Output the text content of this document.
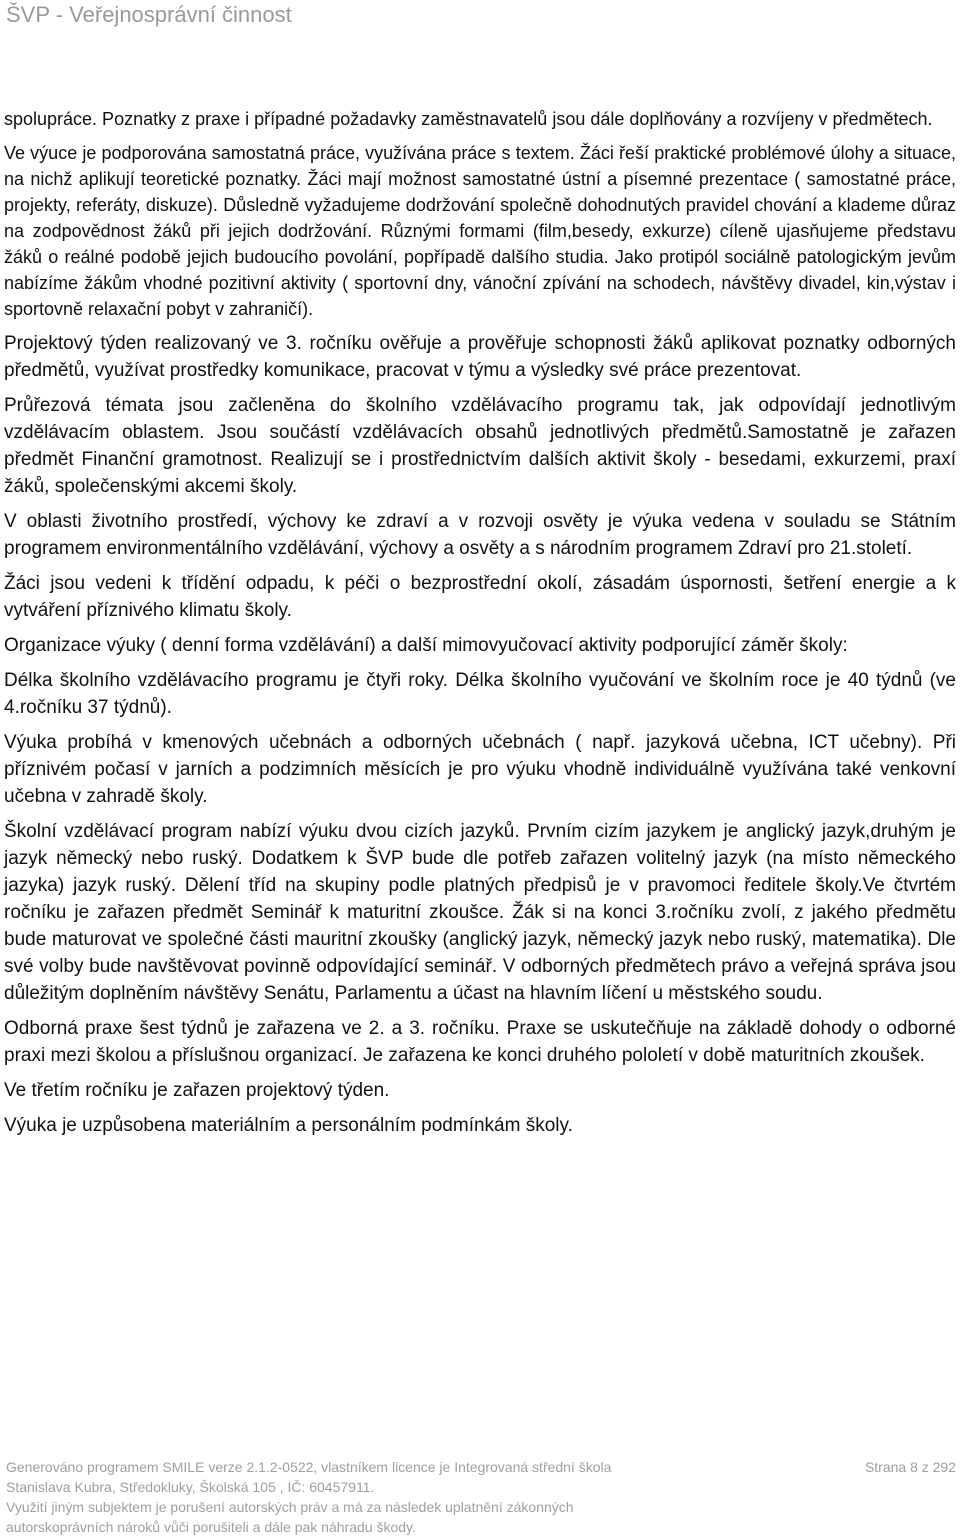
ŠVP - Veřejnosprávní činnost

spolupráce. Poznatky z praxe i případné požadavky zaměstnavatelů jsou dále doplňovány a rozvíjeny v předmětech.

Ve výuce je podporována samostatná práce, využívána práce s textem. Žáci řeší praktické problémové úlohy a situace, na nichž aplikují teoretické poznatky. Žáci mají možnost samostatné ústní a písemné prezentace ( samostatné práce, projekty, referáty, diskuze). Důsledně vyžadujeme dodržování společně dohodnutých pravidel chování a klademe důraz na zodpovědnost žáků při jejich dodržování. Různými formami (film,besedy, exkurze) cíleně ujasňujeme představu žáků o reálné podobě jejich budoucího povolání, popřípadě dalšího studia. Jako protipól sociálně patologickým jevům nabízíme žákům vhodné pozitivní aktivity ( sportovní dny, vánoční zpívání na schodech, návštěvy divadel, kin,výstav i sportovně relaxační pobyt v zahraničí).

Projektový týden realizovaný ve 3. ročníku ověřuje a prověřuje schopnosti žáků aplikovat poznatky odborných předmětů, využívat prostředky komunikace, pracovat v týmu a výsledky své práce prezentovat.

Průřezová témata jsou začleněna do školního vzdělávacího programu tak, jak odpovídají jednotlivým vzdělávacím oblastem. Jsou součástí vzdělávacích obsahů jednotlivých předmětů.Samostatně je zařazen předmět Finanční gramotnost. Realizují se i prostřednictvím dalších aktivit školy - besedami, exkurzemi, praxí žáků, společenskými akcemi školy.

V oblasti životního prostředí, výchovy ke zdraví a v rozvoji osvěty je výuka vedena v souladu se Státním programem environmentálního vzdělávání, výchovy a osvěty a s národním programem Zdraví pro 21.století.

Žáci jsou vedeni k třídění odpadu, k péči o bezprostřední okolí, zásadám úspornosti, šetření energie a k vytváření příznivého klimatu školy.

Organizace výuky ( denní forma vzdělávání) a další mimovyučovací aktivity podporující záměr školy:

Délka školního vzdělávacího programu je čtyři roky. Délka školního vyučování ve školním roce je 40 týdnů (ve 4.ročníku 37 týdnů).

Výuka probíhá v kmenových učebnách a odborných učebnách ( např. jazyková učebna, ICT učebny). Při příznivém počasí v jarních a podzimních měsících je pro výuku vhodně individuálně využívána také venkovní učebna v zahradě školy.

Školní vzdělávací program nabízí výuku dvou cizích jazyků. Prvním cizím jazykem je anglický jazyk,druhým je jazyk německý nebo ruský. Dodatkem k ŠVP bude dle potřeb zařazen volitelný jazyk (na místo německého jazyka) jazyk ruský. Dělení tříd na skupiny podle platných předpisů je v pravomoci ředitele školy.Ve čtvrtém ročníku je zařazen předmět Seminář k maturitní zkoušce. Žák si na konci 3.ročníku zvolí, z jakého předmětu bude maturovat ve společné části mauritní zkoušky (anglický jazyk, německý jazyk nebo ruský, matematika). Dle své volby bude navštěvovat povinně odpovídající seminář. V odborných předmětech právo a veřejná správa jsou důležitým doplněním návštěvy Senátu, Parlamentu a účast na hlavním líčení u městského soudu.

Odborná praxe šest týdnů je zařazena ve 2. a 3. ročníku. Praxe se uskutečňuje na základě dohody o odborné praxi mezi školou a příslušnou organizací. Je zařazena ke konci druhého pololetí v době maturitních zkoušek.

Ve třetím ročníku je zařazen projektový týden.

Výuka je uzpůsobena materiálním a personálním podmínkám školy.

Generováno programem SMILE verze 2.1.2-0522, vlastníkem licence je Integrovaná střední škola	Strana 8 z 292
Stanislava Kubra, Středokluky, Školská 105 , IČ: 60457911.
Využití jiným subjektem je porušení autorských práv a má za následek uplatnění zákonných
autorskoprávních nároků vůči porušiteli a dále pak náhradu škody.
